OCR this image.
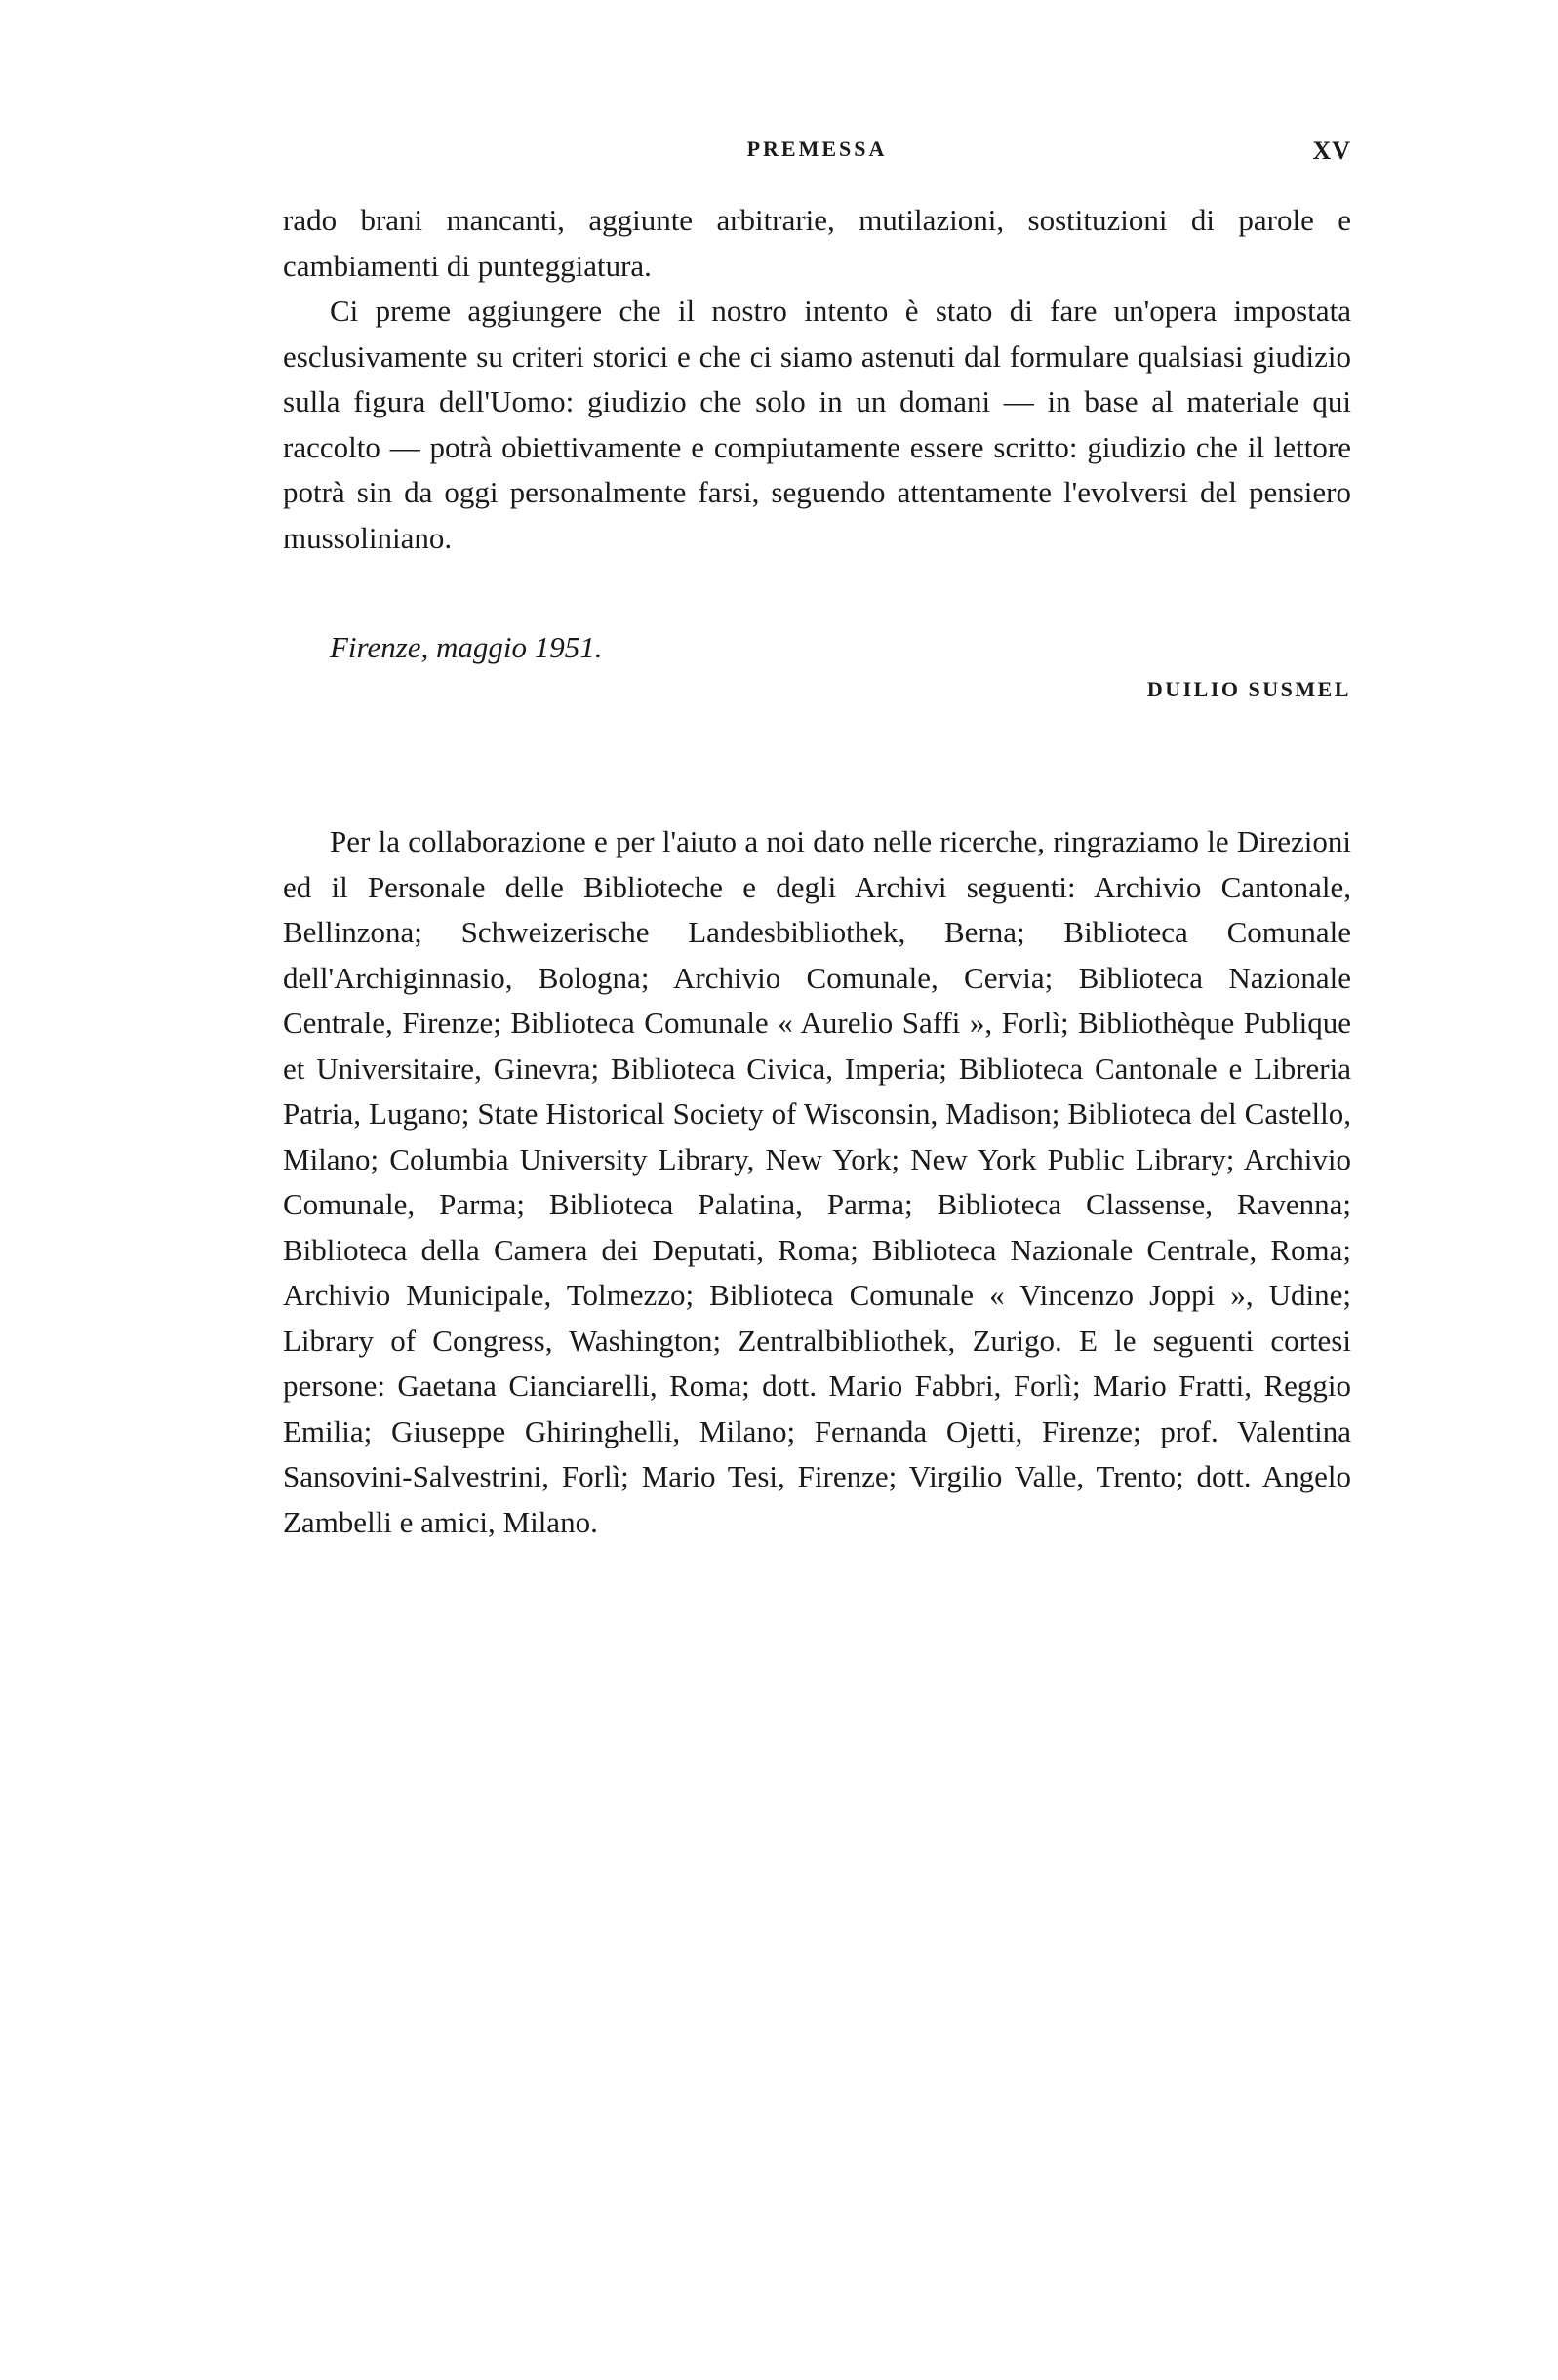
PREMESSA	XV

rado brani mancanti, aggiunte arbitrarie, mutilazioni, sostituzioni di parole e cambiamenti di punteggiatura.

Ci preme aggiungere che il nostro intento è stato di fare un'opera impostata esclusivamente su criteri storici e che ci siamo astenuti dal formulare qualsiasi giudizio sulla figura dell'Uomo: giudizio che solo in un domani — in base al materiale qui raccolto — potrà obiettivamente e compiutamente essere scritto: giudizio che il lettore potrà sin da oggi personalmente farsi, seguendo attentamente l'evolversi del pensiero mussoliniano.

Firenze, maggio 1951.
DUILIO SUSMEL

Per la collaborazione e per l'aiuto a noi dato nelle ricerche, ringraziamo le Direzioni ed il Personale delle Biblioteche e degli Archivi seguenti: Archivio Cantonale, Bellinzona; Schweizerische Landesbibliothek, Berna; Biblioteca Comunale dell'Archiginnasio, Bologna; Archivio Comunale, Cervia; Biblioteca Nazionale Centrale, Firenze; Biblioteca Comunale « Aurelio Saffi », Forlì; Bibliothèque Publique et Universitaire, Ginevra; Biblioteca Civica, Imperia; Biblioteca Cantonale e Libreria Patria, Lugano; State Historical Society of Wisconsin, Madison; Biblioteca del Castello, Milano; Columbia University Library, New York; New York Public Library; Archivio Comunale, Parma; Biblioteca Palatina, Parma; Biblioteca Classense, Ravenna; Biblioteca della Camera dei Deputati, Roma; Biblioteca Nazionale Centrale, Roma; Archivio Municipale, Tolmezzo; Biblioteca Comunale « Vincenzo Joppi », Udine; Library of Congress, Washington; Zentralbibliothek, Zurigo. E le seguenti cortesi persone: Gaetana Cianciarelli, Roma; dott. Mario Fabbri, Forlì; Mario Fratti, Reggio Emilia; Giuseppe Ghiringhelli, Milano; Fernanda Ojetti, Firenze; prof. Valentina Sansovini-Salvestrini, Forlì; Mario Tesi, Firenze; Virgilio Valle, Trento; dott. Angelo Zambelli e amici, Milano.
